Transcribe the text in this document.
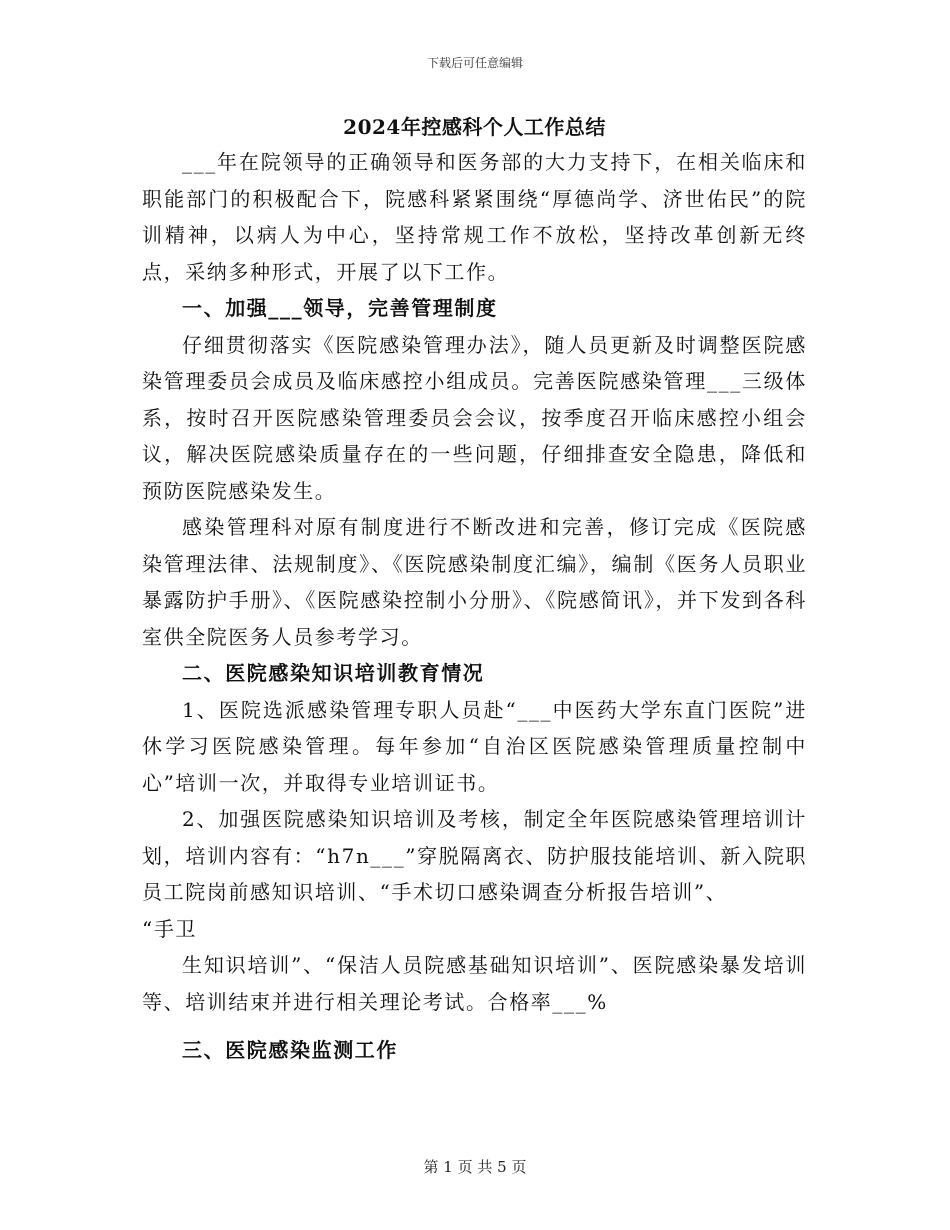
下载后可任意编辑
2024年控感科个人工作总结

___年在院领导的正确领导和医务部的大力支持下，在相关临床和职能部门的积极配合下，院感科紧紧围绕“厚德尚学、济世佑民”的院训精神，以病人为中心，坚持常规工作不放松，坚持改革创新无终点，采纳多种形式，开展了以下工作。

一、加强___领导，完善管理制度

仔细贯彻落实《医院感染管理办法》，随人员更新及时调整医院感染管理委员会成员及临床感控小组成员。完善医院感染管理___三级体系，按时召开医院感染管理委员会会议，按季度召开临床感控小组会议，解决医院感染质量存在的一些问题，仔细排查安全隐患，降低和预防医院感染发生。

感染管理科对原有制度进行不断改进和完善，修订完成《医院感染管理法律、法规制度》、《医院感染制度汇编》，编制《医务人员职业暴露防护手册》、《医院感染控制小分册》、《院感简讯》，并下发到各科室供全院医务人员参考学习。

二、医院感染知识培训教育情况

1、医院选派感染管理专职人员赴“___中医药大学东直门医院”进休学习医院感染管理。每年参加“自治区医院感染管理质量控制中心”培训一次，并取得专业培训证书。

2、加强医院感染知识培训及考核，制定全年医院感染管理培训计划，培训内容有：“h7n___”穿脱隔离衣、防护服技能培训、新入院职员工院岗前感知识培训、“手术切口感染调查分析报告培训”、

“手卫

生知识培训”、“保洁人员院感基础知识培训”、医院感染暴发培训等、培训结束并进行相关理论考试。合格率___%

三、医院感染监测工作

第 1 页 共 5 页
